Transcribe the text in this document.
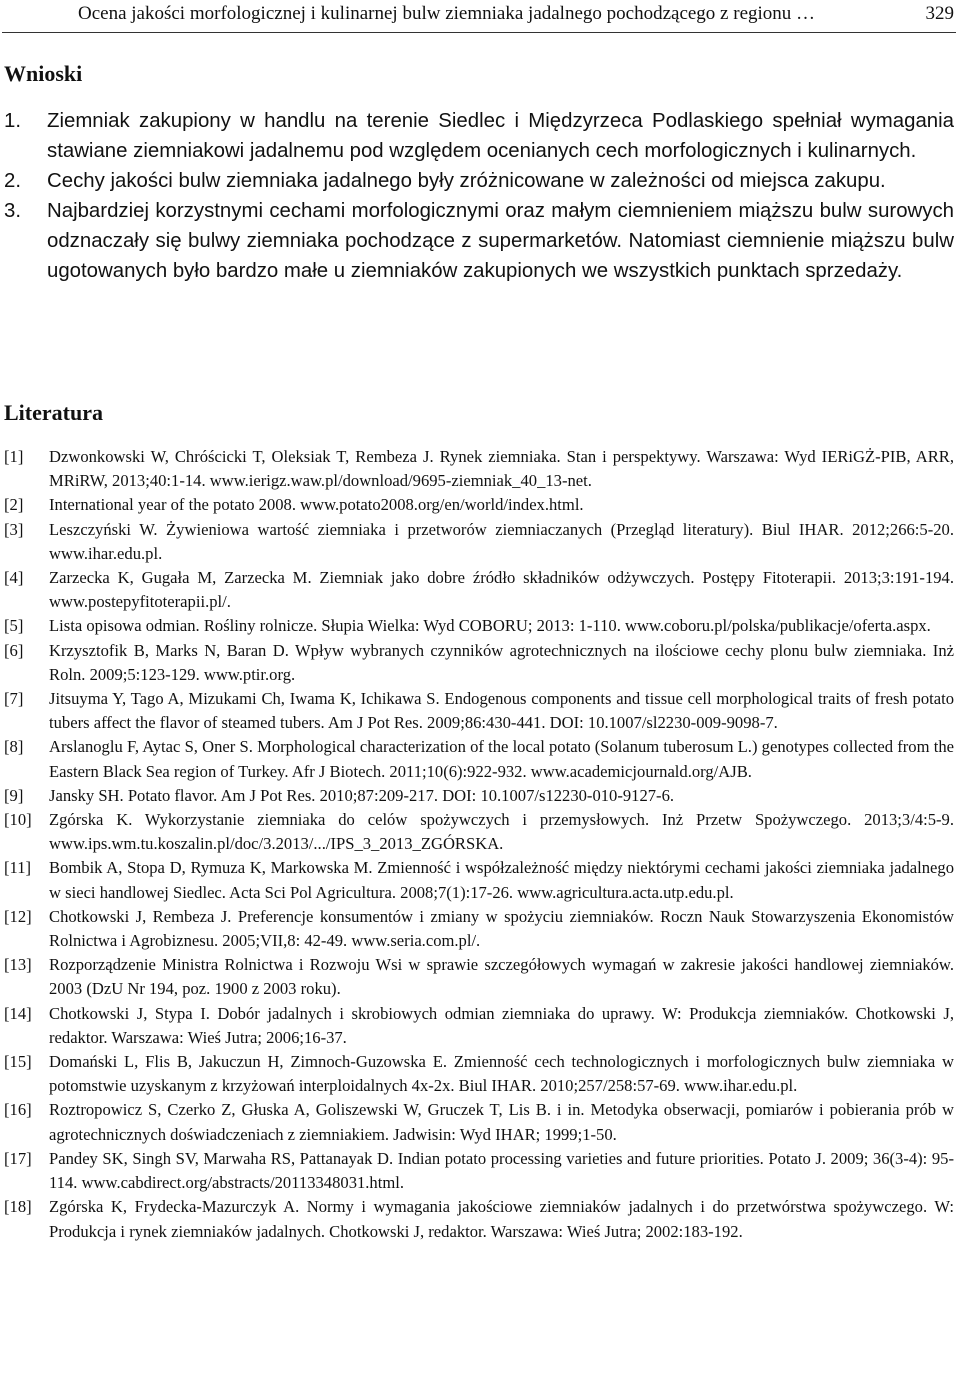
Ocena jakości morfologicznej i kulinarnej bulw ziemniaka jadalnego pochodzącego z regionu …	329
Wnioski
1.	Ziemniak zakupiony w handlu na terenie Siedlec i Międzyrzeca Podlaskiego spełniał wymagania stawiane ziemniakowi jadalnemu pod względem ocenianych cech morfologicznych i kulinarnych.
2.	Cechy jakości bulw ziemniaka jadalnego były zróżnicowane w zależności od miejsca zakupu.
3.	Najbardziej korzystnymi cechami morfologicznymi oraz małym ciemnieniem miąższu bulw surowych odznaczały się bulwy ziemniaka pochodzące z supermarketów. Natomiast ciemnienie miąższu bulw ugotowanych było bardzo małe u ziemniaków zakupionych we wszystkich punktach sprzedaży.
Literatura
[1]	Dzwonkowski W, Chróścicki T, Oleksiak T, Rembeza J. Rynek ziemniaka. Stan i perspektywy. Warszawa: Wyd IERiGŻ-PIB, ARR, MRiRW, 2013;40:1-14. www.ierigz.waw.pl/download/9695-ziemniak_40_13-net.
[2]	International year of the potato 2008. www.potato2008.org/en/world/index.html.
[3]	Leszczyński W. Żywieniowa wartość ziemniaka i przetworów ziemniaczanych (Przegląd literatury). Biul IHAR. 2012;266:5-20. www.ihar.edu.pl.
[4]	Zarzecka K, Gugała M, Zarzecka M. Ziemniak jako dobre źródło składników odżywczych. Postępy Fitoterapii. 2013;3:191-194. www.postepyfitoterapii.pl/.
[5]	Lista opisowa odmian. Rośliny rolnicze. Słupia Wielka: Wyd COBORU; 2013: 1-110. www.coboru.pl/polska/publikacje/oferta.aspx.
[6]	Krzysztofik B, Marks N, Baran D. Wpływ wybranych czynników agrotechnicznych na ilościowe cechy plonu bulw ziemniaka. Inż Roln. 2009;5:123-129. www.ptir.org.
[7]	Jitsuyma Y, Tago A, Mizukami Ch, Iwama K, Ichikawa S. Endogenous components and tissue cell morphological traits of fresh potato tubers affect the flavor of steamed tubers. Am J Pot Res. 2009;86:430-441. DOI: 10.1007/sl2230-009-9098-7.
[8]	Arslanoglu F, Aytac S, Oner S. Morphological characterization of the local potato (Solanum tuberosum L.) genotypes collected from the Eastern Black Sea region of Turkey. Afr J Biotech. 2011;10(6):922-932. www.academicjournald.org/AJB.
[9]	Jansky SH. Potato flavor. Am J Pot Res. 2010;87:209-217. DOI: 10.1007/s12230-010-9127-6.
[10]	Zgórska K. Wykorzystanie ziemniaka do celów spożywczych i przemysłowych. Inż Przetw Spożywczego. 2013;3/4:5-9. www.ips.wm.tu.koszalin.pl/doc/3.2013/.../IPS_3_2013_ZGÓRSKA.
[11]	Bombik A, Stopa D, Rymuza K, Markowska M. Zmienność i współzależność między niektórymi cechami jakości ziemniaka jadalnego w sieci handlowej Siedlec. Acta Sci Pol Agricultura. 2008;7(1):17-26. www.agricultura.acta.utp.edu.pl.
[12]	Chotkowski J, Rembeza J. Preferencje konsumentów i zmiany w spożyciu ziemniaków. Roczn Nauk Stowarzyszenia Ekonomistów Rolnictwa i Agrobiznesu. 2005;VII,8: 42-49. www.seria.com.pl/.
[13]	Rozporządzenie Ministra Rolnictwa i Rozwoju Wsi w sprawie szczegółowych wymagań w zakresie jakości handlowej ziemniaków. 2003 (DzU Nr 194, poz. 1900 z 2003 roku).
[14]	Chotkowski J, Stypa I. Dobór jadalnych i skrobiowych odmian ziemniaka do uprawy. W: Produkcja ziemniaków. Chotkowski J, redaktor. Warszawa: Wieś Jutra; 2006;16-37.
[15]	Domański L, Flis B, Jakuczun H, Zimnoch-Guzowska E. Zmienność cech technologicznych i morfologicznych bulw ziemniaka w potomstwie uzyskanym z krzyżowań interploidalnych 4x-2x. Biul IHAR. 2010;257/258:57-69. www.ihar.edu.pl.
[16]	Roztropowicz S, Czerko Z, Głuska A, Goliszewski W, Gruczek T, Lis B. i in. Metodyka obserwacji, pomiarów i pobierania prób w agrotechnicznych doświadczeniach z ziemniakiem. Jadwisin: Wyd IHAR; 1999;1-50.
[17]	Pandey SK, Singh SV, Marwaha RS, Pattanayak D. Indian potato processing varieties and future priorities. Potato J. 2009; 36(3-4): 95-114. www.cabdirect.org/abstracts/20113348031.html.
[18]	Zgórska K, Frydecka-Mazurczyk A. Normy i wymagania jakościowe ziemniaków jadalnych i do przetwórstwa spożywczego. W: Produkcja i rynek ziemniaków jadalnych. Chotkowski J, redaktor. Warszawa: Wieś Jutra; 2002:183-192.
